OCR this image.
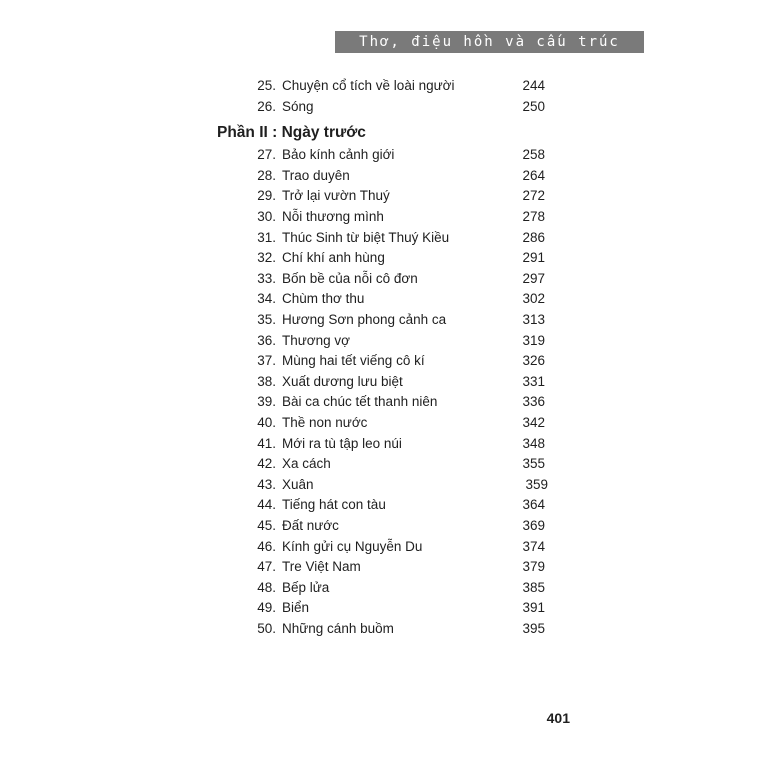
Thơ, điệu hồn và cấu trúc
25. Chuyện cổ tích về loài người	244
26. Sóng	250
Phần II : Ngày trước
27. Bảo kính cảnh giới	258
28. Trao duyên	264
29. Trở lại vườn Thuý	272
30. Nỗi thương mình	278
31. Thúc Sinh từ biệt Thuý Kiều	286
32. Chí khí anh hùng	291
33. Bốn bề của nỗi cô đơn	297
34. Chùm thơ thu	302
35. Hương Sơn phong cảnh ca	313
36. Thương vợ	319
37. Mùng hai tết viếng cô kí	326
38. Xuất dương lưu biệt	331
39. Bài ca chúc tết thanh niên	336
40. Thề non nước	342
41. Mới ra tù tập leo núi	348
42. Xa cách	355
43. Xuân	359
44. Tiếng hát con tàu	364
45. Đất nước	369
46. Kính gửi cụ Nguyễn Du	374
47. Tre Việt Nam	379
48. Bếp lửa	385
49. Biển	391
50. Những cánh buồm	395
401
